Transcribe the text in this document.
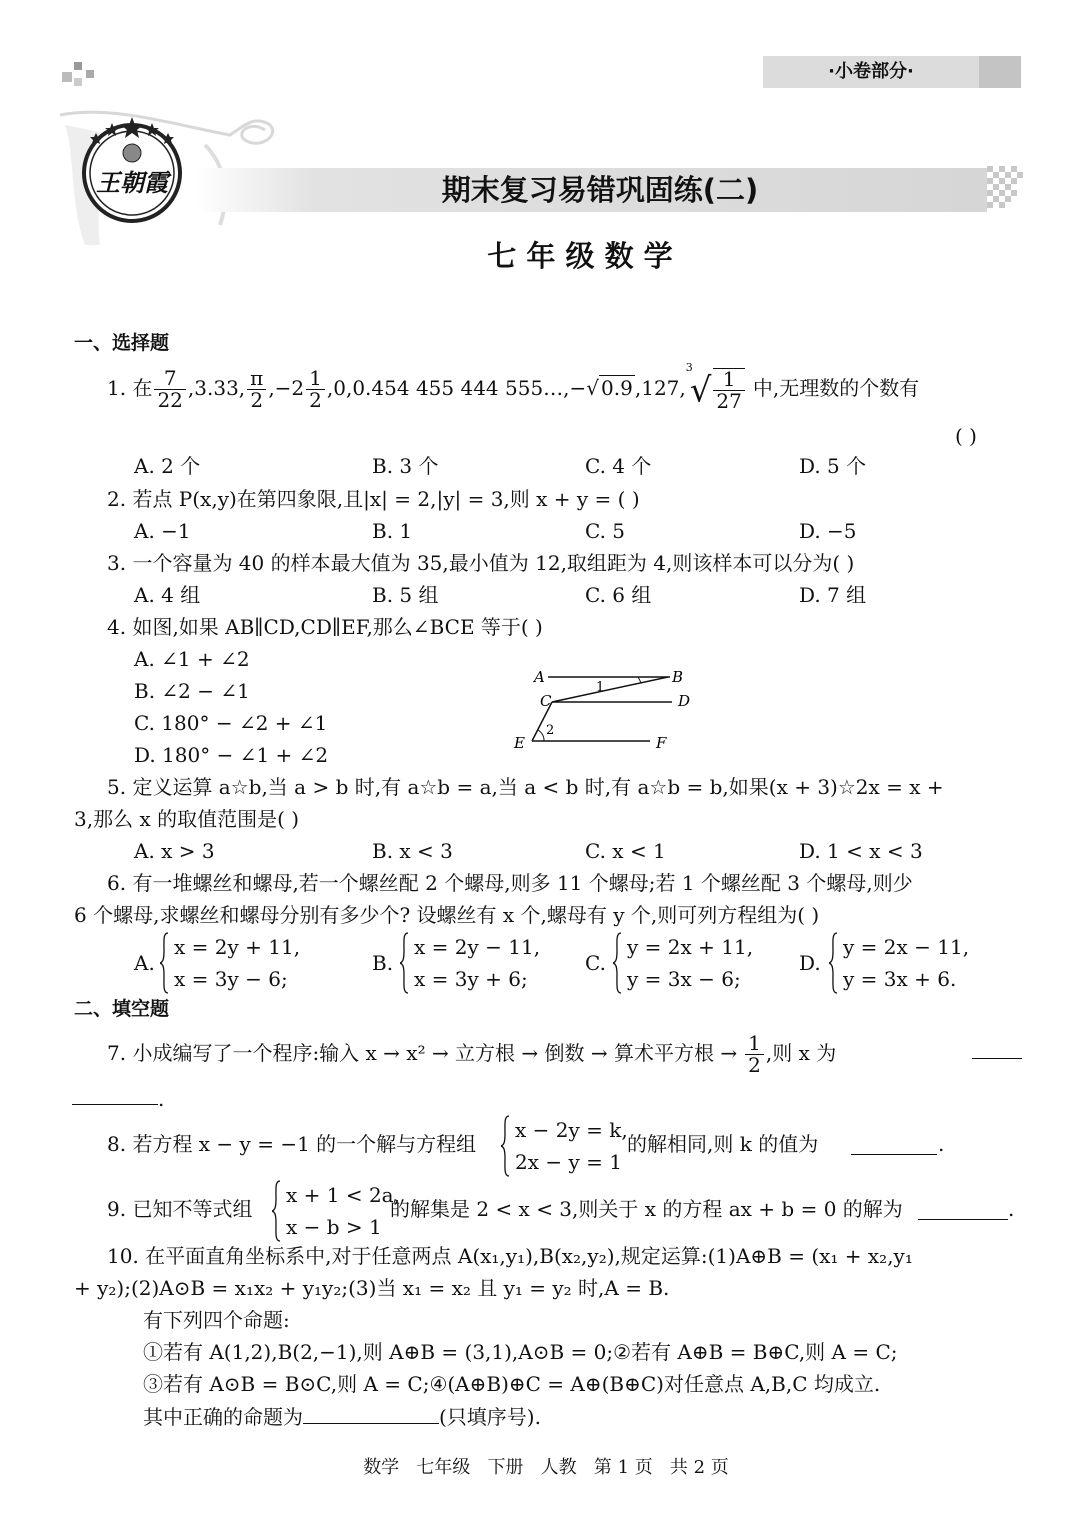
·小卷部分·
王朝霞	期末复习易错巩固练(二)
七 年 级 数 学
一、选择题
1. 在 $\frac{7}{22} ,3.33$, $\frac{\pi}{2} ,-2 \frac{1}{2} ,0,0.454$ 455 444 555…,−√ 0.9 ,127,
3
√ $\frac{1}{27}$ 中,无理数的个数有
( )
A. 2 个	B. 3 个	C. 4 个	D. 5 个
2. 若点 P(x,y)在第四象限,且|x| = 2,|y| = 3,则 x + y = ( )
A. −1	B. 1	C. 5	D. −5
3. 一个容量为 40 的样本最大值为 35,最小值为 12,取组距为 4,则该样本可以分为( )
A. 4 组	B. 5 组	C. 6 组	D. 7 组
4. 如图,如果 AB∥CD,CD∥EF,那么∠BCE 等于( )
A. ∠1 + ∠2
B. ∠2 − ∠1
C. 180° − ∠2 + ∠1
D. 180° − ∠1 + ∠2
A	B
C	D
E	F
1
2
5. 定义运算 a☆b,当 a > b 时,有 a☆b = a,当 a < b 时,有 a☆b = b,如果(x + 3)☆2x = x +
3,那么 x 的取值范围是( )
A. x > 3	B. x < 3	C. x < 1	D. 1 < x < 3
6. 有一堆螺丝和螺母,若一个螺丝配 2 个螺母,则多 11 个螺母;若 1 个螺丝配 3 个螺母,则少
6 个螺母,求螺丝和螺母分别有多少个? 设螺丝有 x 个,螺母有 y 个,则可列方程组为( )
A.
x = 2y + 11,
x = 3y − 6;
B.
x = 2y − 11,
x = 3y + 6;
C.
y = 2x + 11,
y = 3x − 6;
D.
y = 2x − 11,
y = 3x + 6.
二、填空题
7. 小成编写了一个程序:输入 x → x² → 立方根 → 倒数 → 算术平方根 → $\frac{1}{2}$ ,则 x 为
.
8. 若方程 x − y = −1 的一个解与方程组
x − 2y = k,
2x − y = 1
的解相同,则 k 的值为	.
9. 已知不等式组
x + 1 < 2a,
x − b > 1
的解集是 2 < x < 3,则关于 x 的方程 ax + b = 0 的解为	.
10. 在平面直角坐标系中,对于任意两点 A(x₁,y₁),B(x₂,y₂),规定运算:(1)A⊕B = (x₁ + x₂,y₁
+ y₂);(2)A⊙B = x₁x₂ + y₁y₂;(3)当 x₁ = x₂ 且 y₁ = y₂ 时,A = B.
有下列四个命题:
①若有 A(1,2),B(2,−1),则 A⊕B = (3,1),A⊙B = 0;②若有 A⊕B = B⊕C,则 A = C;
③若有 A⊙B = B⊙C,则 A = C;④(A⊕B)⊕C = A⊕(B⊕C)对任意点 A,B,C 均成立.
其中正确的命题为	(只填序号).
数学   七年级   下册   人教   第 1 页   共 2 页
